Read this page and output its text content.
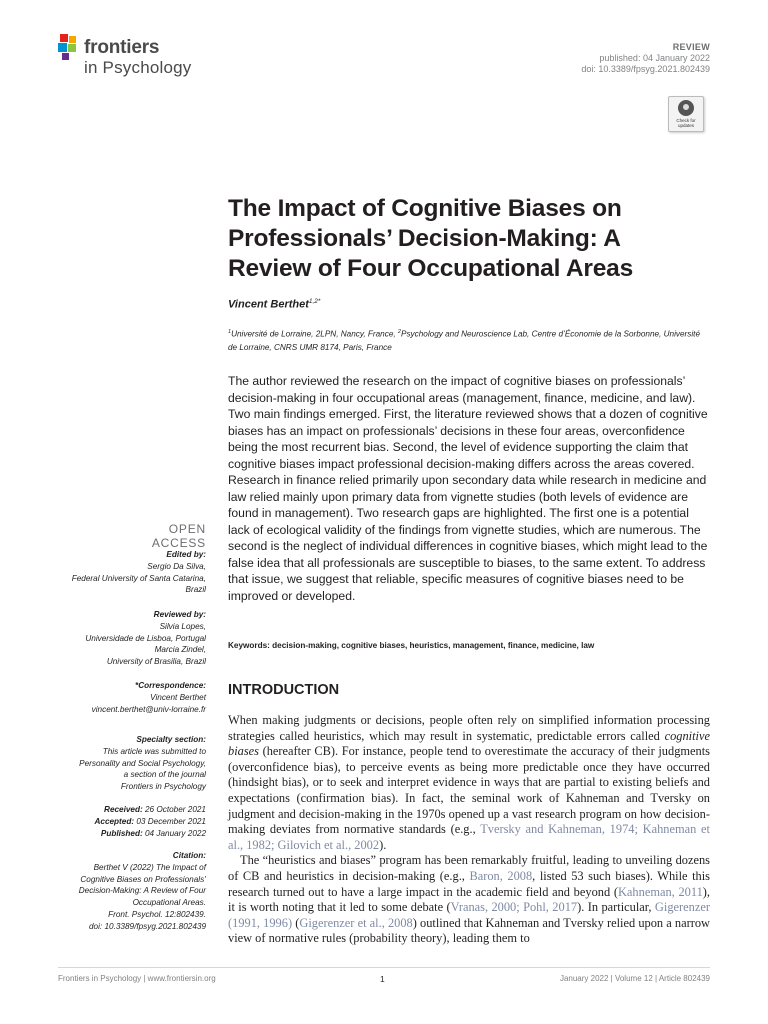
frontiers
in Psychology
REVIEW
published: 04 January 2022
doi: 10.3389/fpsyg.2021.802439
Check for updates
The Impact of Cognitive Biases on Professionals’ Decision-Making: A Review of Four Occupational Areas
Vincent Berthet$^{1,2*}$
$^1$Université de Lorraine, 2LPN, Nancy, France, $^2$Psychology and Neuroscience Lab, Centre d’Économie de la Sorbonne, Université de Lorraine, CNRS UMR 8174, Paris, France
The author reviewed the research on the impact of cognitive biases on professionals’ decision-making in four occupational areas (management, finance, medicine, and law). Two main findings emerged. First, the literature reviewed shows that a dozen of cognitive biases has an impact on professionals’ decisions in these four areas, overconfidence being the most recurrent bias. Second, the level of evidence supporting the claim that cognitive biases impact professional decision-making differs across the areas covered. Research in finance relied primarily upon secondary data while research in medicine and law relied mainly upon primary data from vignette studies (both levels of evidence are found in management). Two research gaps are highlighted. The first one is a potential lack of ecological validity of the findings from vignette studies, which are numerous. The second is the neglect of individual differences in cognitive biases, which might lead to the false idea that all professionals are susceptible to biases, to the same extent. To address that issue, we suggest that reliable, specific measures of cognitive biases need to be improved or developed.
Keywords: decision-making, cognitive biases, heuristics, management, finance, medicine, law
INTRODUCTION

When making judgments or decisions, people often rely on simplified information processing strategies called heuristics, which may result in systematic, predictable errors called cognitive biases (hereafter CB). For instance, people tend to overestimate the accuracy of their judgments (overconfidence bias), to perceive events as being more predictable once they have occurred (hindsight bias), or to seek and interpret evidence in ways that are partial to existing beliefs and expectations (confirmation bias). In fact, the seminal work of Kahneman and Tversky on judgment and decision-making in the 1970s opened up a vast research program on how decision-making deviates from normative standards (e.g., Tversky and Kahneman, 1974; Kahneman et al., 1982; Gilovich et al., 2002).

The “heuristics and biases” program has been remarkably fruitful, leading to unveiling dozens of CB and heuristics in decision-making (e.g., Baron, 2008, listed 53 such biases). While this research turned out to have a large impact in the academic field and beyond (Kahneman, 2011), it is worth noting that it led to some debate (Vranas, 2000; Pohl, 2017). In particular, Gigerenzer (1991, 1996) (Gigerenzer et al., 2008) outlined that Kahneman and Tversky relied upon a narrow view of normative rules (probability theory), leading them to

OPEN ACCESS
Edited by:
Sergio Da Silva,
Federal University of Santa Catarina,
Brazil
Reviewed by:
Silvia Lopes,
Universidade de Lisboa, Portugal
Marcia Zindel,
University of Brasilia, Brazil
*Correspondence:
Vincent Berthet
vincent.berthet@univ-lorraine.fr
Specialty section:
This article was submitted to
Personality and Social Psychology,
a section of the journal
Frontiers in Psychology
Received: 26 October 2021
Accepted: 03 December 2021
Published: 04 January 2022
Citation:
Berthet V (2022) The Impact of
Cognitive Biases on Professionals’
Decision-Making: A Review of Four
Occupational Areas.
Front. Psychol. 12:802439.
doi: 10.3389/fpsyg.2021.802439
Frontiers in Psychology | www.frontiersin.org	1	January 2022 | Volume 12 | Article 802439
